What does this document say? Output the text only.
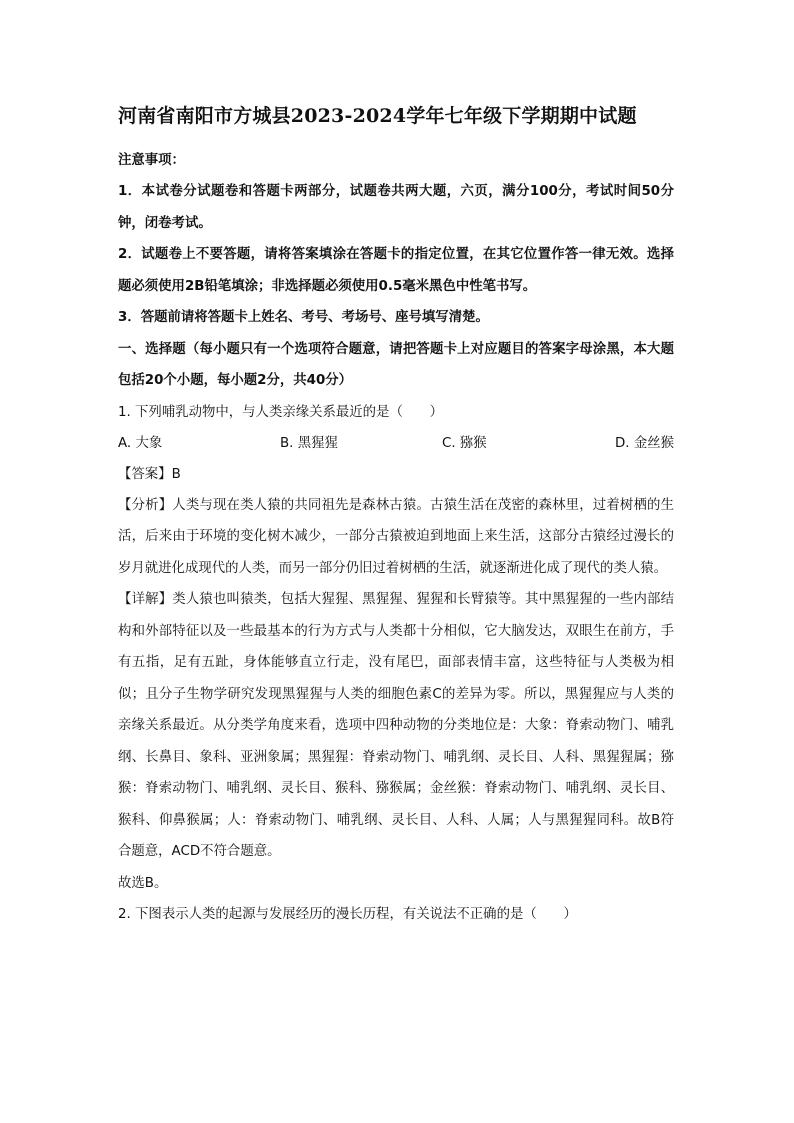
河南省南阳市方城县2023-2024学年七年级下学期期中试题
注意事项：
1．本试卷分试题卷和答题卡两部分，试题卷共两大题，六页，满分100分，考试时间50分钟，闭卷考试。
2．试题卷上不要答题，请将答案填涂在答题卡的指定位置，在其它位置作答一律无效。选择题必须使用2B铅笔填涂；非选择题必须使用0.5毫米黑色中性笔书写。
3．答题前请将答题卡上姓名、考号、考场号、座号填写清楚。
一、选择题（每小题只有一个选项符合题意，请把答题卡上对应题目的答案字母涂黑，本大题包括20个小题，每小题2分，共40分）
1. 下列哺乳动物中，与人类亲缘关系最近的是（　　）
A. 大象	B. 黑猩猩	C. 猕猴	D. 金丝猴
【答案】B
【分析】人类与现在类人猿的共同祖先是森林古猿。古猿生活在茂密的森林里，过着树栖的生活，后来由于环境的变化树木减少，一部分古猿被迫到地面上来生活，这部分古猿经过漫长的岁月就进化成现代的人类，而另一部分仍旧过着树栖的生活，就逐渐进化成了现代的类人猿。
【详解】类人猿也叫猿类，包括大猩猩、黑猩猩、猩猩和长臂猿等。其中黑猩猩的一些内部结构和外部特征以及一些最基本的行为方式与人类都十分相似，它大脑发达，双眼生在前方，手有五指，足有五趾，身体能够直立行走，没有尾巴，面部表情丰富，这些特征与人类极为相似；且分子生物学研究发现黑猩猩与人类的细胞色素C的差异为零。所以，黑猩猩应与人类的亲缘关系最近。从分类学角度来看，选项中四种动物的分类地位是：大象：脊索动物门、哺乳纲、长鼻目、象科、亚洲象属；黑猩猩：脊索动物门、哺乳纲、灵长目、人科、黑猩猩属；猕猴：脊索动物门、哺乳纲、灵长目、猴科、猕猴属；金丝猴：脊索动物门、哺乳纲、灵长目、猴科、仰鼻猴属；人：脊索动物门、哺乳纲、灵长目、人科、人属；人与黑猩猩同科。故B符合题意，ACD不符合题意。
故选B。
2. 下图表示人类的起源与发展经历的漫长历程，有关说法不正确的是（　　）
